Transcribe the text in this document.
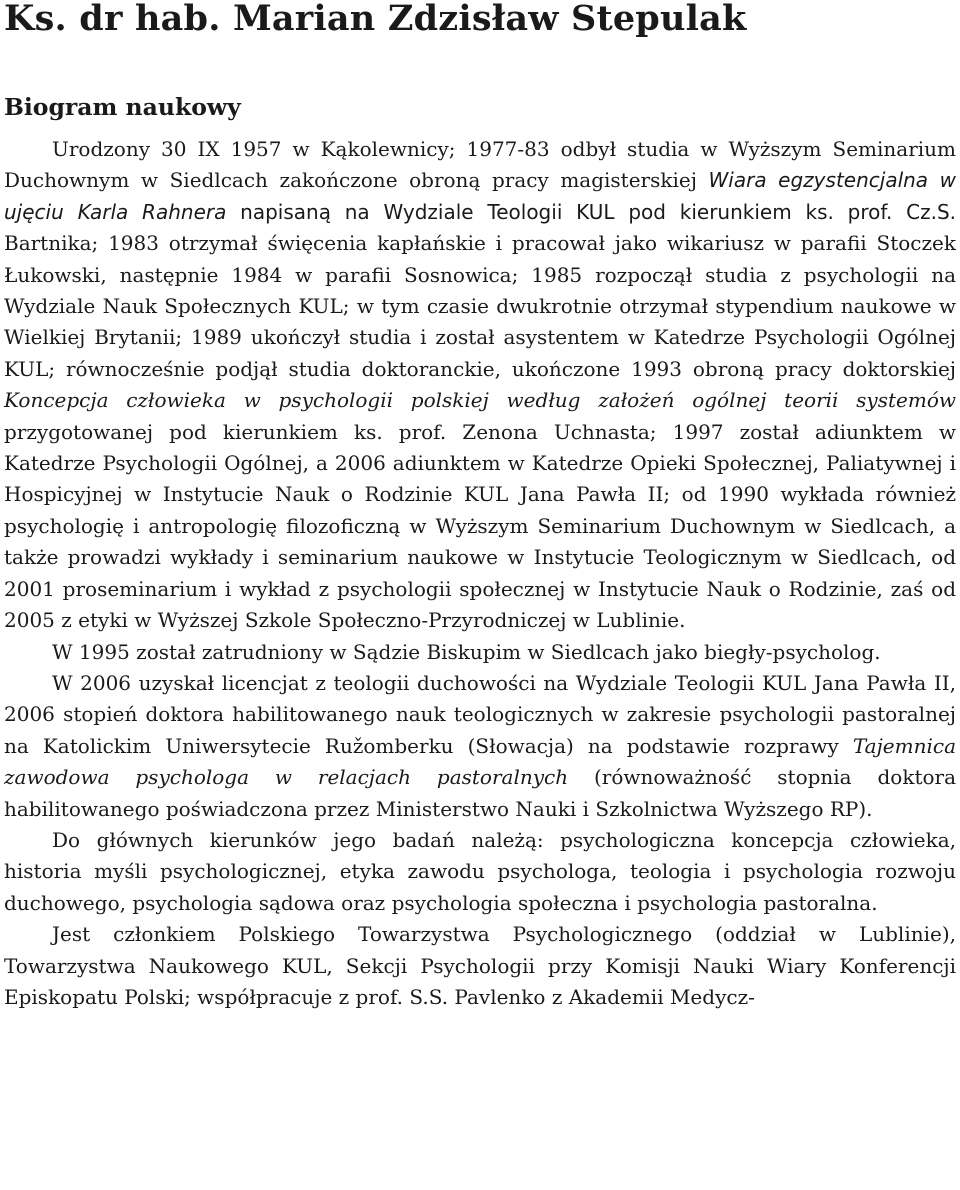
Ks. dr hab. Marian Zdzisław Stepulak
Biogram naukowy

Urodzony 30 IX 1957 w Kąkolewnicy; 1977-83 odbył studia w Wyższym Seminarium Duchownym w Siedlcach zakończone obroną pracy magisterskiej Wiara egzystencjalna w ujęciu Karla Rahnera napisaną na Wydziale Teologii KUL pod kierunkiem ks. prof. Cz.S. Bartnika; 1983 otrzymał święcenia kapłańskie i pracował jako wikariusz w parafii Stoczek Łukowski, następnie 1984 w parafii Sosnowica; 1985 rozpoczął studia z psychologii na Wydziale Nauk Społecznych KUL; w tym czasie dwukrotnie otrzymał stypendium naukowe w Wielkiej Brytanii; 1989 ukończył studia i został asystentem w Katedrze Psychologii Ogólnej KUL; równocześnie podjął studia doktoranckie, ukończone 1993 obroną pracy doktorskiej Koncepcja człowieka w psychologii polskiej według założeń ogólnej teorii systemów przygotowanej pod kierunkiem ks. prof. Zenona Uchnasta; 1997 został adiunktem w Katedrze Psychologii Ogólnej, a 2006 adiunktem w Katedrze Opieki Społecznej, Paliatywnej i Hospicyjnej w Instytucie Nauk o Rodzinie KUL Jana Pawła II; od 1990 wykłada również psychologię i antropologię filozoficzną w Wyższym Seminarium Duchownym w Siedlcach, a także prowadzi wykłady i seminarium naukowe w Instytucie Teologicznym w Siedlcach, od 2001 proseminarium i wykład z psychologii społecznej w Instytucie Nauk o Rodzinie, zaś od 2005 z etyki w Wyższej Szkole Społeczno-Przyrodniczej w Lublinie.

W 1995 został zatrudniony w Sądzie Biskupim w Siedlcach jako biegły-psycholog.

W 2006 uzyskał licencjat z teologii duchowości na Wydziale Teologii KUL Jana Pawła II, 2006 stopień doktora habilitowanego nauk teologicznych w zakresie psychologii pastoralnej na Katolickim Uniwersytecie Ružomberku (Słowacja) na podstawie rozprawy Tajemnica zawodowa psychologa w relacjach pastoralnych (równoważność stopnia doktora habilitowanego poświadczona przez Ministerstwo Nauki i Szkolnictwa Wyższego RP).

Do głównych kierunków jego badań należą: psychologiczna koncepcja człowieka, historia myśli psychologicznej, etyka zawodu psychologa, teologia i psychologia rozwoju duchowego, psychologia sądowa oraz psychologia społeczna i psychologia pastoralna.

Jest członkiem Polskiego Towarzystwa Psychologicznego (oddział w Lublinie), Towarzystwa Naukowego KUL, Sekcji Psychologii przy Komisji Nauki Wiary Konferencji Episkopatu Polski; współpracuje z prof. S.S. Pavlenko z Akademii Medycz-
